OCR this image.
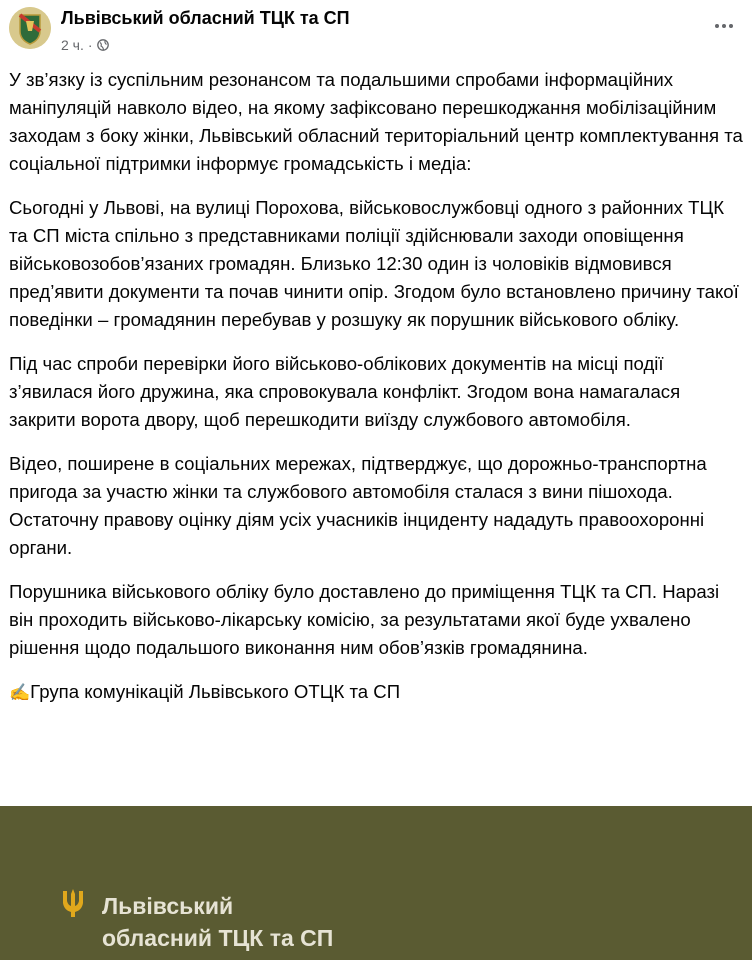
Львівський обласний ТЦК та СП
2 ч. ·

У зв’язку із суспільним резонансом та подальшими спробами інформаційних маніпуляцій навколо відео, на якому зафіксовано перешкоджання мобілізаційним заходам з боку жінки, Львівський обласний територіальний центр комплектування та соціальної підтримки інформує громадськість і медіа:

Сьогодні у Львові, на вулиці Порохова, військовослужбовці одного з районних ТЦК та СП міста спільно з представниками поліції здійснювали заходи оповіщення військовозобов’язаних громадян. Близько 12:30 один із чоловіків відмовився пред’явити документи та почав чинити опір. Згодом було встановлено причину такої поведінки – громадянин перебував у розшуку як порушник військового обліку.

Під час спроби перевірки його військово-облікових документів на місці події з’явилася його дружина, яка спровокувала конфлікт. Згодом вона намагалася закрити ворота двору, щоб перешкодити виїзду службового автомобіля.

Відео, поширене в соціальних мережах, підтверджує, що дорожньо-транспортна пригода за участю жінки та службового автомобіля сталася з вини пішохода. Остаточну правову оцінку діям усіх учасників інциденту нададуть правоохоронні органи.

Порушника військового обліку було доставлено до приміщення ТЦК та СП. Наразі він проходить військово-лікарську комісію, за результатами якої буде ухвалено рішення щодо подальшого виконання ним обов’язків громадянина.

✍Група комунікацій Львівського ОТЦК та СП

Львівський
обласний ТЦК та СП
